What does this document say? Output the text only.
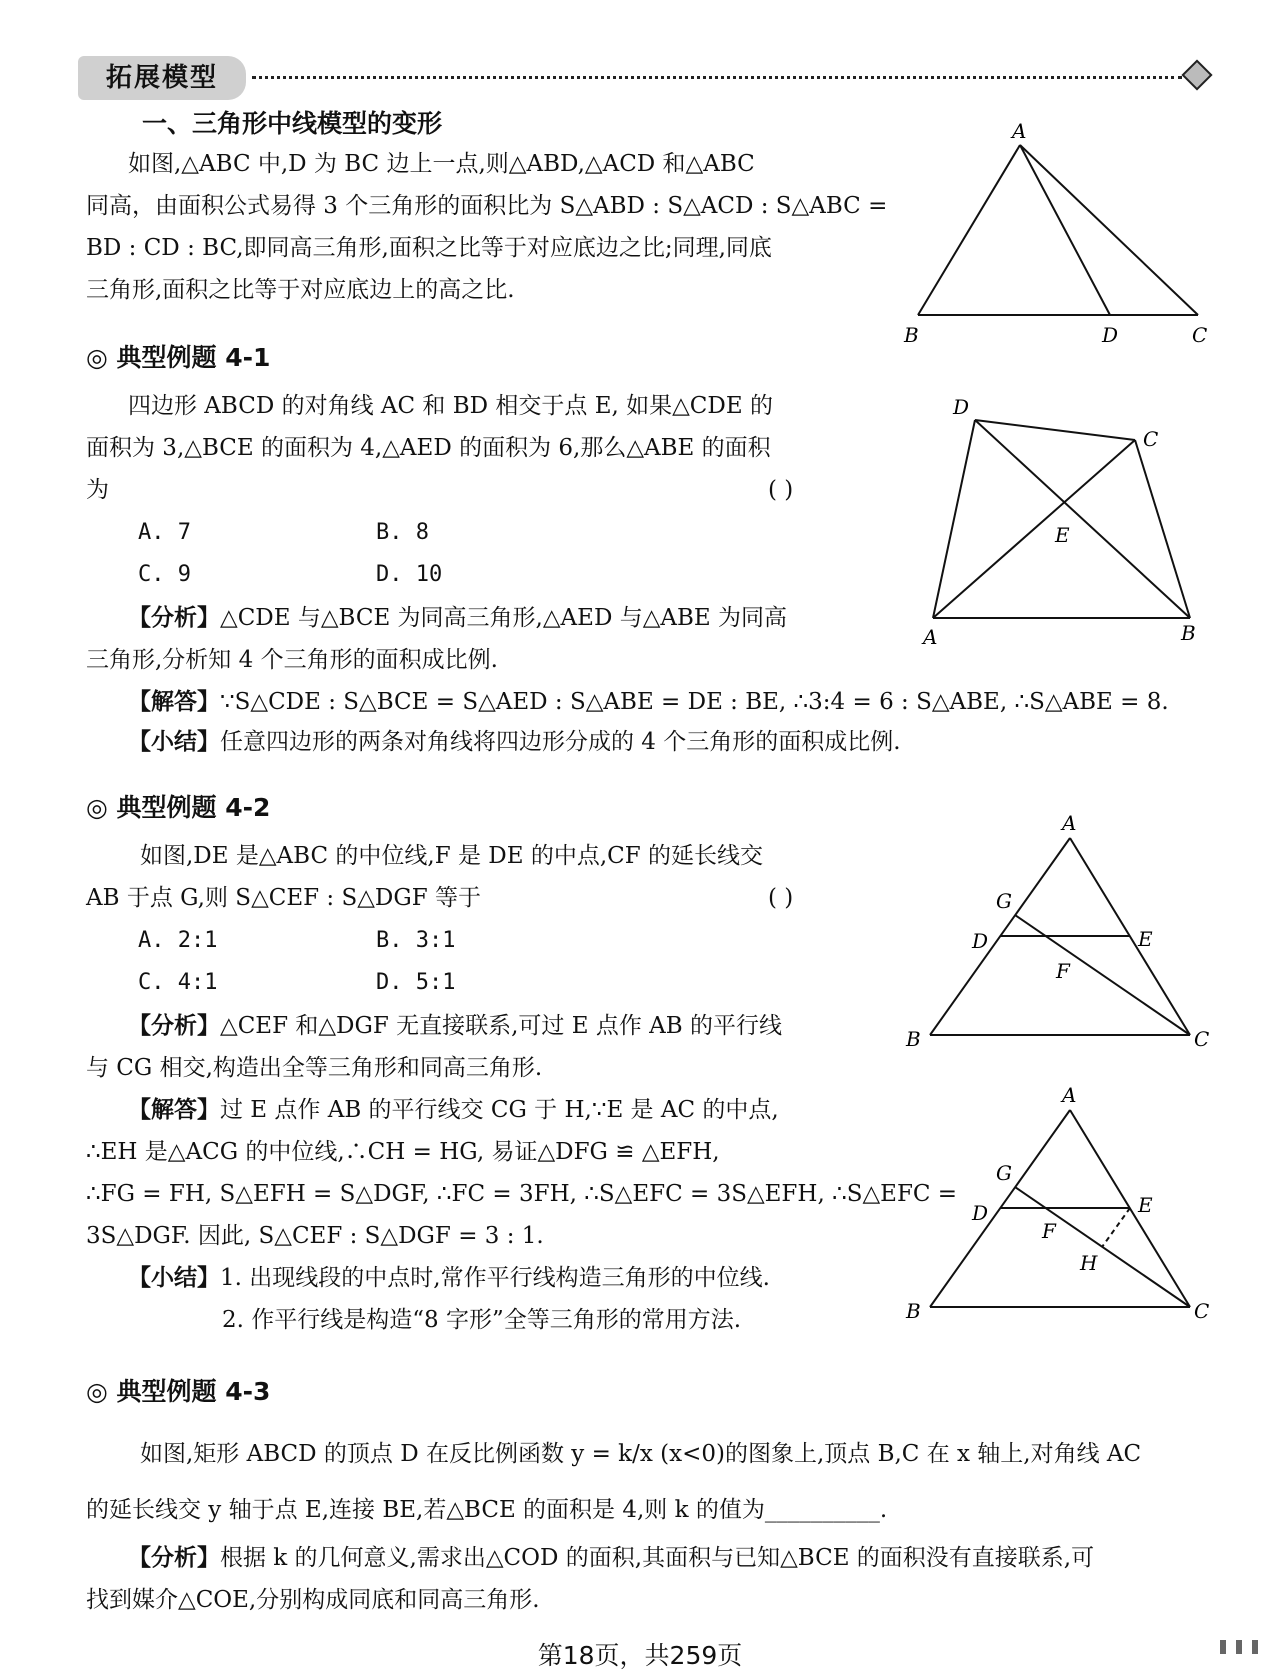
拓展模型
一、三角形中线模型的变形
如图,△ABC 中,D 为 BC 边上一点,则△ABD,△ACD 和△ABC
同高，由面积公式易得 3 个三角形的面积比为 S△ABD : S△ACD : S△ABC =
BD : CD : BC,即同高三角形,面积之比等于对应底边之比;同理,同底
三角形,面积之比等于对应底边上的高之比.
A
B	D	C
◎ 典型例题 4-1
四边形 ABCD 的对角线 AC 和 BD 相交于点 E, 如果△CDE 的
面积为 3,△BCE 的面积为 4,△AED 的面积为 6,那么△ABE 的面积
为	( )
A. 7	B. 8
C. 9	D. 10
【分析】△CDE 与△BCE 为同高三角形,△AED 与△ABE 为同高
三角形,分析知 4 个三角形的面积成比例.
【解答】∵S△CDE : S△BCE = S△AED : S△ABE = DE : BE, ∴3:4 = 6 : S△ABE, ∴S△ABE = 8.
【小结】任意四边形的两条对角线将四边形分成的 4 个三角形的面积成比例.
D
C
E
A	B
◎ 典型例题 4-2
如图,DE 是△ABC 的中位线,F 是 DE 的中点,CF 的延长线交
AB 于点 G,则 S△CEF : S△DGF 等于	( )
A. 2:1	B. 3:1
C. 4:1	D. 5:1
【分析】△CEF 和△DGF 无直接联系,可过 E 点作 AB 的平行线
与 CG 相交,构造出全等三角形和同高三角形.
【解答】过 E 点作 AB 的平行线交 CG 于 H,∵E 是 AC 的中点,
∴EH 是△ACG 的中位线,∴CH = HG, 易证△DFG ≌ △EFH,
∴FG = FH, S△EFH = S△DGF, ∴FC = 3FH, ∴S△EFC = 3S△EFH, ∴S△EFC =
3S△DGF. 因此, S△CEF : S△DGF = 3 : 1.
【小结】1. 出现线段的中点时,常作平行线构造三角形的中位线.
2. 作平行线是构造“8 字形”全等三角形的常用方法.
A
G
D	E
F
B	C
A
G
D	E
F
H
B	C
◎ 典型例题 4-3
如图,矩形 ABCD 的顶点 D 在反比例函数 y = k/x (x<0)的图象上,顶点 B,C 在 x 轴上,对角线 AC
的延长线交 y 轴于点 E,连接 BE,若△BCE 的面积是 4,则 k 的值为__________.
【分析】根据 k 的几何意义,需求出△COD 的面积,其面积与已知△BCE 的面积没有直接联系,可
找到媒介△COE,分别构成同底和同高三角形.
第18页，共259页
